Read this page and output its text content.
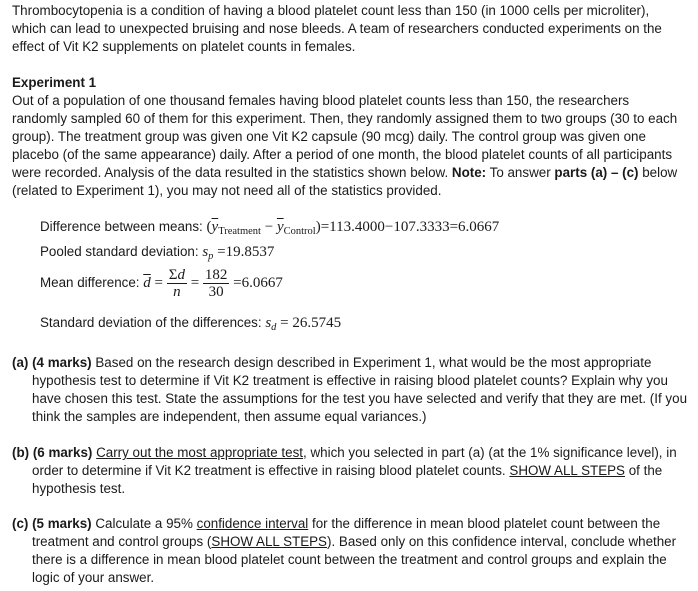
Thrombocytopenia is a condition of having a blood platelet count less than 150 (in 1000 cells per microliter), which can lead to unexpected bruising and nose bleeds. A team of researchers conducted experiments on the effect of Vit K2 supplements on platelet counts in females.

Experiment 1

Out of a population of one thousand females having blood platelet counts less than 150, the researchers randomly sampled 60 of them for this experiment. Then, they randomly assigned them to two groups (30 to each group). The treatment group was given one Vit K2 capsule (90 mcg) daily. The control group was given one placebo (of the same appearance) daily. After a period of one month, the blood platelet counts of all participants were recorded. Analysis of the data resulted in the statistics shown below. Note: To answer parts (a) – (c) below (related to Experiment 1), you may not need all of the statistics provided.

Difference between means: $(\overline{y}_{Treatment} - \overline{y}_{Control})=113.4000-107.3333=6.0667$
Pooled standard deviation: $s_p =19.8537$
Mean difference: $\overline{d} = \frac{\Sigma d}{n} = \frac{182}{30} =6.0667$
Standard deviation of the differences: $s_d = 26.5745$

(a) (4 marks) Based on the research design described in Experiment 1, what would be the most appropriate hypothesis test to determine if Vit K2 treatment is effective in raising blood platelet counts? Explain why you have chosen this test. State the assumptions for the test you have selected and verify that they are met. (If you think the samples are independent, then assume equal variances.)

(b) (6 marks) Carry out the most appropriate test, which you selected in part (a) (at the 1% significance level), in order to determine if Vit K2 treatment is effective in raising blood platelet counts. SHOW ALL STEPS of the hypothesis test.

(c) (5 marks) Calculate a 95% confidence interval for the difference in mean blood platelet count between the treatment and control groups (SHOW ALL STEPS). Based only on this confidence interval, conclude whether there is a difference in mean blood platelet count between the treatment and control groups and explain the logic of your answer.
